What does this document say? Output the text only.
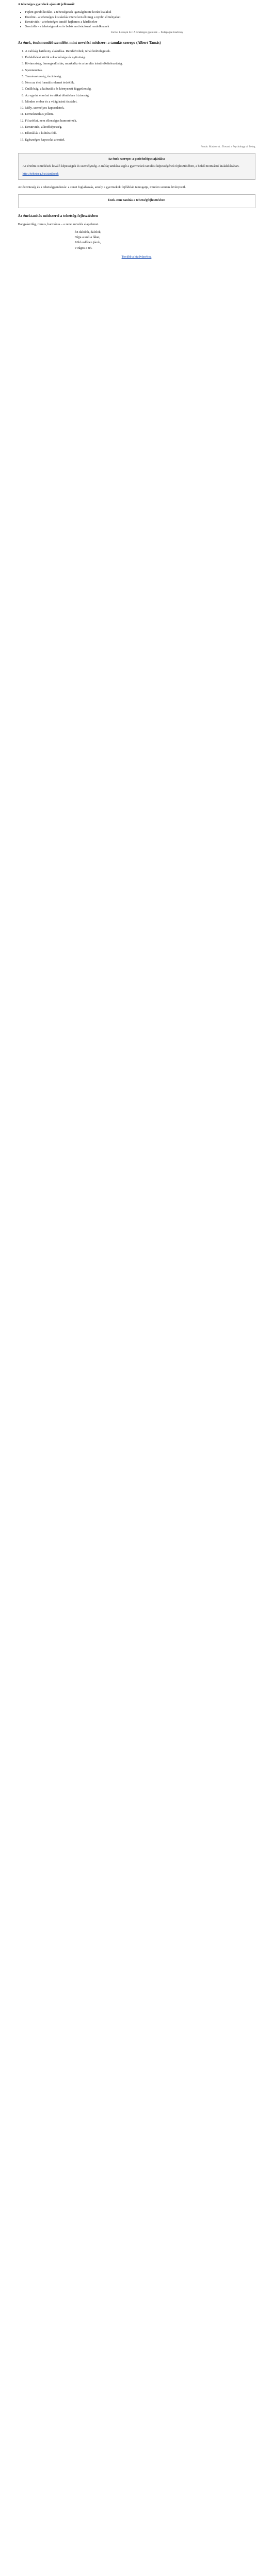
A tehetséges gyerekek ajánlott jellemzői:

• Fejlett gondolkodási- a tehetségesek igazságérzete korán kialakul
• Érzelmi - a tehetséges kisiskolás intenzíven éli meg a nyelvi élményeket
• Kreativitás - a tehetséges tanuló hajlamos a kérdésekre
• Szociális - a tehetségesek erős belső motivációval rendelkeznek
Forrás: Lisznyai Sz.: A tehetséges gyerekek ... Pedagógiai kiadvány
Az ének, énekmondói szemlélet mint nevelési módszer: a tanulás szerepe (Albert Tamás)
1. A valóság hatékony alakulása. Rendkívüliek, tehát különlegesek.
2. Érdeklődési körök sokszínűsége és nyitottság.
3. Kíváncsiság, önmegvalósítás, munkaláz és a tanulás iránti elkötelezettség.
4. Spontaneitás.
5. Természetesség, őszinteség.
6. Nem az élet formális elemei érdeklik.
7. Önállóság, a kulturális és környezeti függetlenség.
8. Az egyéni érzelmi és etikai döntésben biztonság.
9. Minden ember és a világ iránti tisztelet.
10. Mély, személyes kapcsolatok.
11. Demokratikus jellem.
12. Filozófiai, nem ellenséges humorérzék.
13. Kreativitás, alkotóképesség.
14. Ellenállás a kultúra felé.
15. Egészséges kapcsolat a testtel.

Forrás: Maslow A.: Toward a Psychology of Being

Az ének szerepe: a pszichológus ajánlása

Az értelmi ismétlések kiváló képességek és személyiség. A műfaj tanítása segít a gyermekek tanulási képességének fejlesztésében, a belső motiváció kialakításában.

http://tehetseg.hu/ajanlasok

Az őszinteség és a tehetséggondozás: a zenei foglalkozás, amely a gyermekek fejlődését támogatja, minden szinten érvényesül.

Ének-zene tanítás a tehetségfejlesztésben
Az énektanítás módszerei a tehetség-fejlesztésben

Hangzásvilág, ritmus, harmónia – a zenei nevelés alapelemei.

Én dalolok, dalolok,
Fújja a szél a fákat,
Zöld erdőben járok,
Virágos a rét.

Tovább a kiadványhoz
